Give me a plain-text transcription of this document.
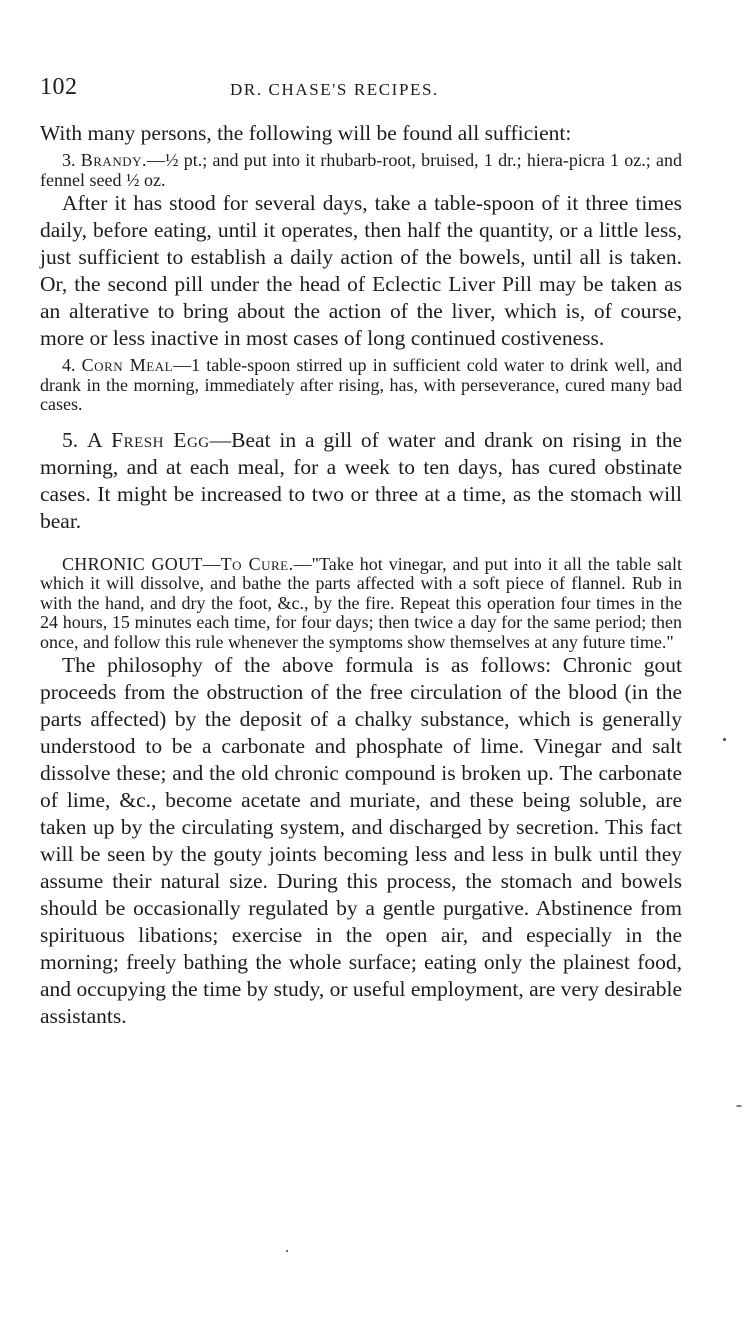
102	DR. CHASE'S RECIPES.

With many persons, the following will be found all sufficient:

3. Brandy.—½ pt.; and put into it rhubarb-root, bruised, 1 dr.; hiera-picra 1 oz.; and fennel seed ½ oz.

After it has stood for several days, take a table-spoon of it three times daily, before eating, until it operates, then half the quantity, or a little less, just sufficient to establish a daily action of the bowels, until all is taken. Or, the second pill under the head of Eclectic Liver Pill may be taken as an alterative to bring about the action of the liver, which is, of course, more or less inactive in most cases of long continued costiveness.

4. Corn Meal—1 table-spoon stirred up in sufficient cold water to drink well, and drank in the morning, immediately after rising, has, with perseverance, cured many bad cases.

5. A Fresh Egg—Beat in a gill of water and drank on rising in the morning, and at each meal, for a week to ten days, has cured obstinate cases. It might be increased to two or three at a time, as the stomach will bear.

CHRONIC GOUT—To Cure.—"Take hot vinegar, and put into it all the table salt which it will dissolve, and bathe the parts affected with a soft piece of flannel. Rub in with the hand, and dry the foot, &c., by the fire. Repeat this operation four times in the 24 hours, 15 minutes each time, for four days; then twice a day for the same period; then once, and follow this rule whenever the symptoms show themselves at any future time."

The philosophy of the above formula is as follows: Chronic gout proceeds from the obstruction of the free circulation of the blood (in the parts affected) by the deposit of a chalky substance, which is generally understood to be a carbonate and phosphate of lime. Vinegar and salt dissolve these; and the old chronic compound is broken up. The carbonate of lime, &c., become acetate and muriate, and these being soluble, are taken up by the circulating system, and discharged by secretion. This fact will be seen by the gouty joints becoming less and less in bulk until they assume their natural size. During this process, the stomach and bowels should be occasionally regulated by a gentle purgative. Abstinence from spirituous libations; exercise in the open air, and especially in the morning; freely bathing the whole surface; eating only the plainest food, and occupying the time by study, or useful employment, are very desirable assistants.
